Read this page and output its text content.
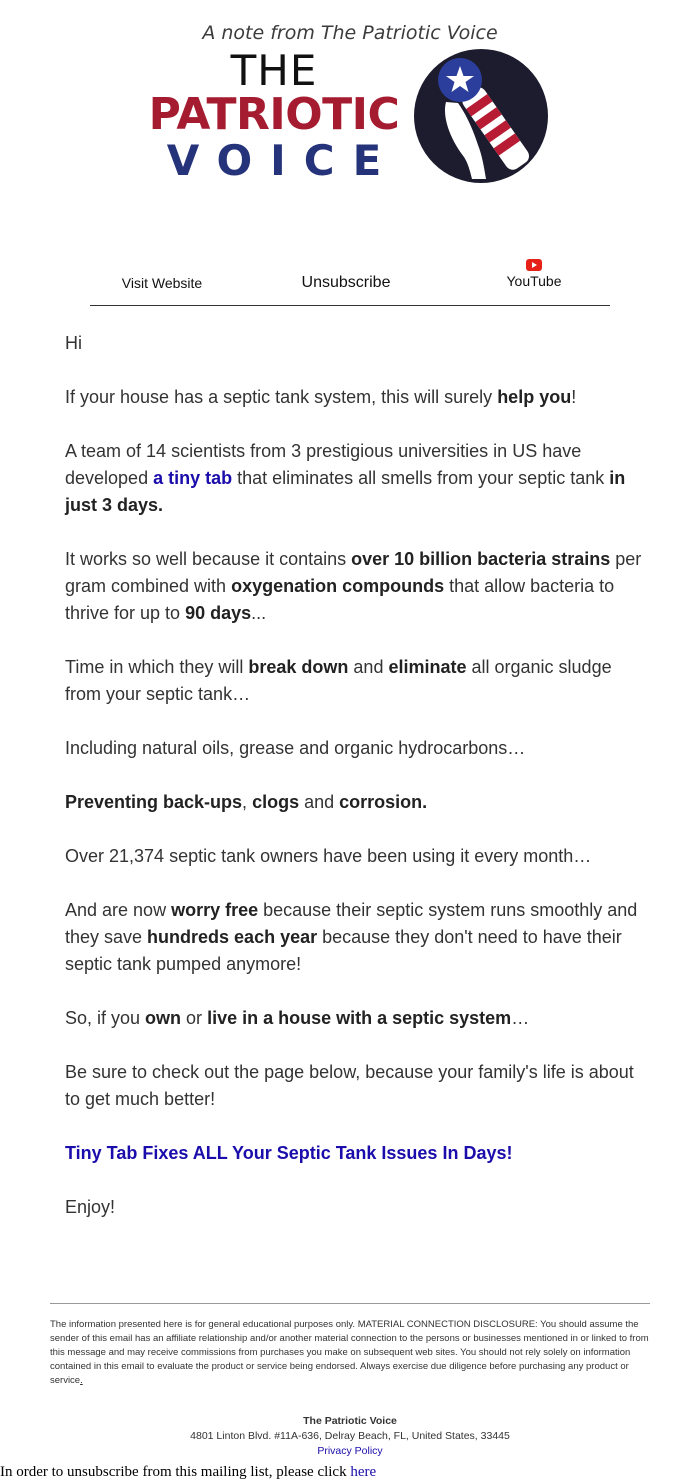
A note from The Patriotic Voice

THE
PATRIOTIC
VOICE
Visit Website	Unsubscribe	YouTube

Hi

If your house has a septic tank system, this will surely help you!

A team of 14 scientists from 3 prestigious universities in US have developed a tiny tab that eliminates all smells from your septic tank in just 3 days.

It works so well because it contains over 10 billion bacteria strains per gram combined with oxygenation compounds that allow bacteria to thrive for up to 90 days...

Time in which they will break down and eliminate all organic sludge from your septic tank…

Including natural oils, grease and organic hydrocarbons…

Preventing back-ups, clogs and corrosion.

Over 21,374 septic tank owners have been using it every month…

And are now worry free because their septic system runs smoothly and they save hundreds each year because they don't need to have their septic tank pumped anymore!

So, if you own or live in a house with a septic system…

Be sure to check out the page below, because your family's life is about to get much better!

Tiny Tab Fixes ALL Your Septic Tank Issues In Days!

Enjoy!

The information presented here is for general educational purposes only. MATERIAL CONNECTION DISCLOSURE: You should assume the sender of this email has an affiliate relationship and/or another material connection to the persons or businesses mentioned in or linked to from this message and may receive commissions from purchases you make on subsequent web sites. You should not rely solely on information contained in this email to evaluate the product or service being endorsed. Always exercise due diligence before purchasing any product or service.
The Patriotic Voice
4801 Linton Blvd. #11A-636, Delray Beach, FL, United States, 33445
Privacy Policy
In order to unsubscribe from this mailing list, please click here
